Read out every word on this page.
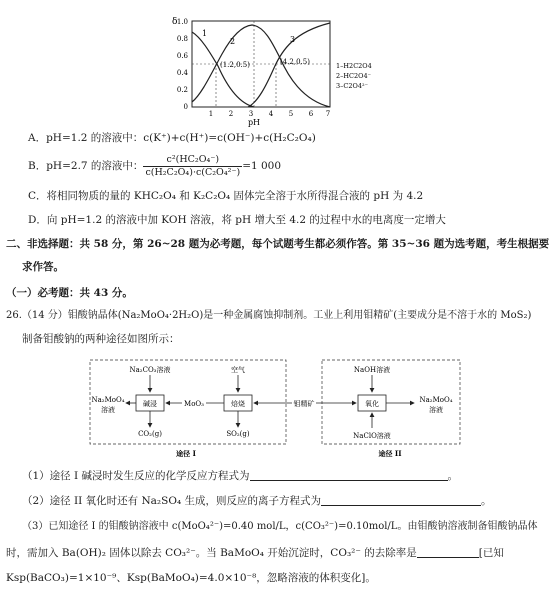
δ 1.0
0.8
0.6
0.4
0.2
0
1
2	3
(1.2,0.5)	(4.2,0.5)
1 2 3 4 5 6 7
pH
1–H2C2O4
2–HC2O4⁻
3–C2O4²⁻
A．pH=1.2 的溶液中：c(K⁺)+c(H⁺)=c(OH⁻)+c(H₂C₂O₄)
B．pH=2.7 的溶液中： $\frac{\text{c²(HC₂O₄⁻)}}{\text{c(H₂C₂O₄)·c(C₂O₄²⁻)}} =1$ 000
C．将相同物质的量的 KHC₂O₄ 和 K₂C₂O₄ 固体完全溶于水所得混合液的 pH 为 4.2
D．向 pH=1.2 的溶液中加 KOH 溶液，将 pH 增大至 4.2 的过程中水的电离度一定增大
二、非选择题：共 58 分，第 26~28 题为必考题，每个试题考生都必须作答。第 35~36 题为选考题，考生根据要
求作答。
（一）必考题：共 43 分。
26.（14 分）钼酸钠晶体(Na₂MoO₄·2H₂O)是一种金属腐蚀抑制剂。工业上利用钼精矿(主要成分是不溶于水的 MoS₂)
制备钼酸钠的两种途径如图所示：
Na₂CO₃溶液	空气	NaOH溶液
Na₂MoO₄
溶液
碱浸	焙烧	氧化
MoO₃	钼精矿	Na₂MoO₄
溶液
CO₂(g)	SO₂(g)	NaClO溶液
途径 I	途径 II
（1）途径 I 碱浸时发生反应的化学反应方程式为	。
（2）途径 II 氧化时还有 Na₂SO₄ 生成，则反应的离子方程式为	。
（3）已知途径 I 的钼酸钠溶液中 c(MoO₄²⁻)=0.40 mol/L，c(CO₃²⁻)=0.10mol/L。由钼酸钠溶液制备钼酸钠晶体
时，需加入 Ba(OH)₂ 固体以除去 CO₃²⁻。当 BaMoO₄ 开始沉淀时，CO₃²⁻ 的去除率是	[已知
Ksp(BaCO₃)=1×10⁻⁹、Ksp(BaMoO₄)=4.0×10⁻⁸，忽略溶液的体积变化]。
